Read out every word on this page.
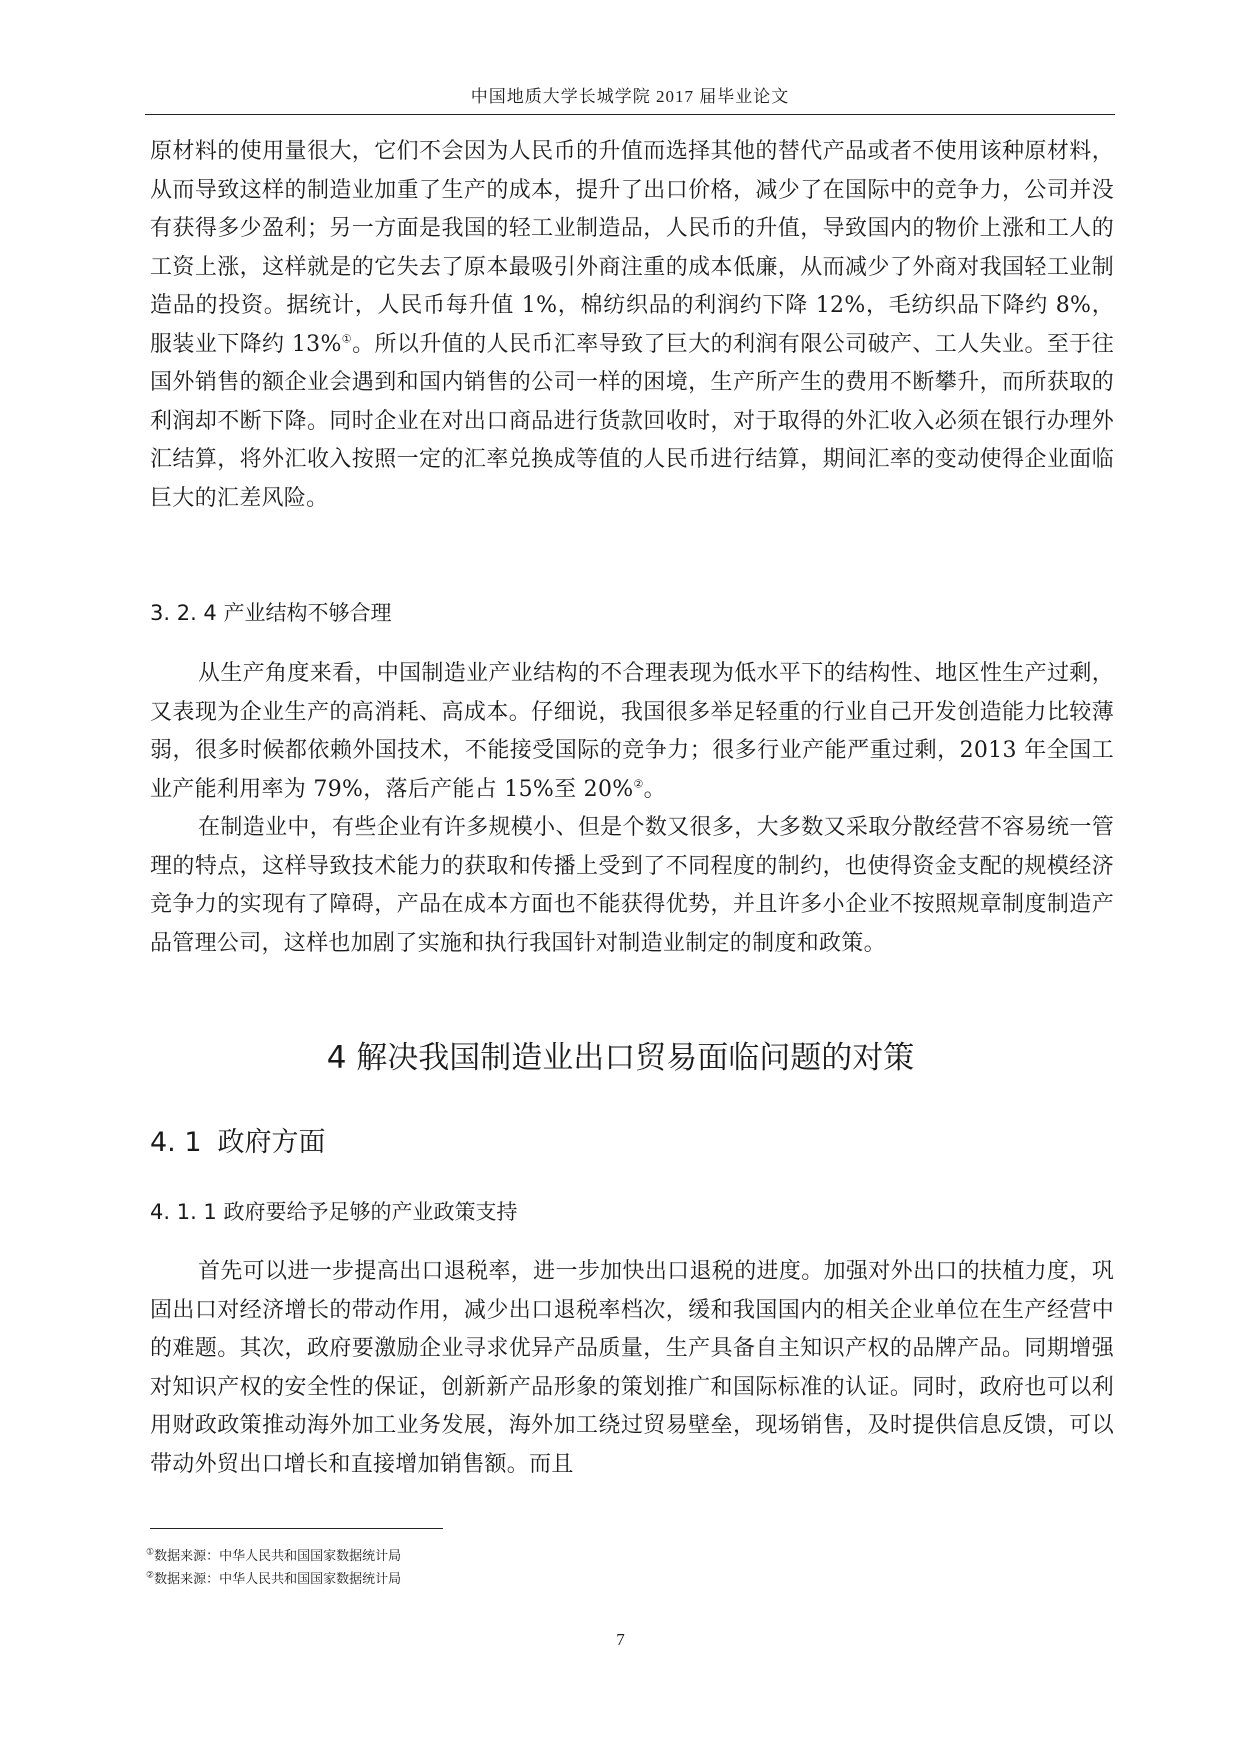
中国地质大学长城学院 2017 届毕业论文

原材料的使用量很大，它们不会因为人民币的升值而选择其他的替代产品或者不使用该种原材料，从而导致这样的制造业加重了生产的成本，提升了出口价格，减少了在国际中的竞争力，公司并没有获得多少盈利；另一方面是我国的轻工业制造品，人民币的升值，导致国内的物价上涨和工人的工资上涨，这样就是的它失去了原本最吸引外商注重的成本低廉，从而减少了外商对我国轻工业制造品的投资。据统计，人民币每升值 1%，棉纺织品的利润约下降 12%，毛纺织品下降约 8%，服装业下降约 13%①。所以升值的人民币汇率导致了巨大的利润有限公司破产、工人失业。至于往国外销售的额企业会遇到和国内销售的公司一样的困境，生产所产生的费用不断攀升，而所获取的利润却不断下降。同时企业在对出口商品进行货款回收时，对于取得的外汇收入必须在银行办理外汇结算，将外汇收入按照一定的汇率兑换成等值的人民币进行结算，期间汇率的变动使得企业面临巨大的汇差风险。

3. 2. 4 产业结构不够合理

从生产角度来看，中国制造业产业结构的不合理表现为低水平下的结构性、地区性生产过剩，又表现为企业生产的高消耗、高成本。仔细说，我国很多举足轻重的行业自己开发创造能力比较薄弱，很多时候都依赖外国技术，不能接受国际的竞争力；很多行业产能严重过剩，2013 年全国工业产能利用率为 79%，落后产能占 15%至 20%②。

在制造业中，有些企业有许多规模小、但是个数又很多，大多数又采取分散经营不容易统一管理的特点，这样导致技术能力的获取和传播上受到了不同程度的制约，也使得资金支配的规模经济竞争力的实现有了障碍，产品在成本方面也不能获得优势，并且许多小企业不按照规章制度制造产品管理公司，这样也加剧了实施和执行我国针对制造业制定的制度和政策。

4 解决我国制造业出口贸易面临问题的对策
4. 1 政府方面
4. 1. 1 政府要给予足够的产业政策支持

首先可以进一步提高出口退税率，进一步加快出口退税的进度。加强对外出口的扶植力度，巩固出口对经济增长的带动作用，减少出口退税率档次，缓和我国国内的相关企业单位在生产经营中的难题。其次，政府要激励企业寻求优异产品质量，生产具备自主知识产权的品牌产品。同期增强对知识产权的安全性的保证，创新新产品形象的策划推广和国际标准的认证。同时，政府也可以利用财政政策推动海外加工业务发展，海外加工绕过贸易壁垒，现场销售，及时提供信息反馈，可以带动外贸出口增长和直接增加销售额。而且

①数据来源：中华人民共和国国家数据统计局
②数据来源：中华人民共和国国家数据统计局
7
